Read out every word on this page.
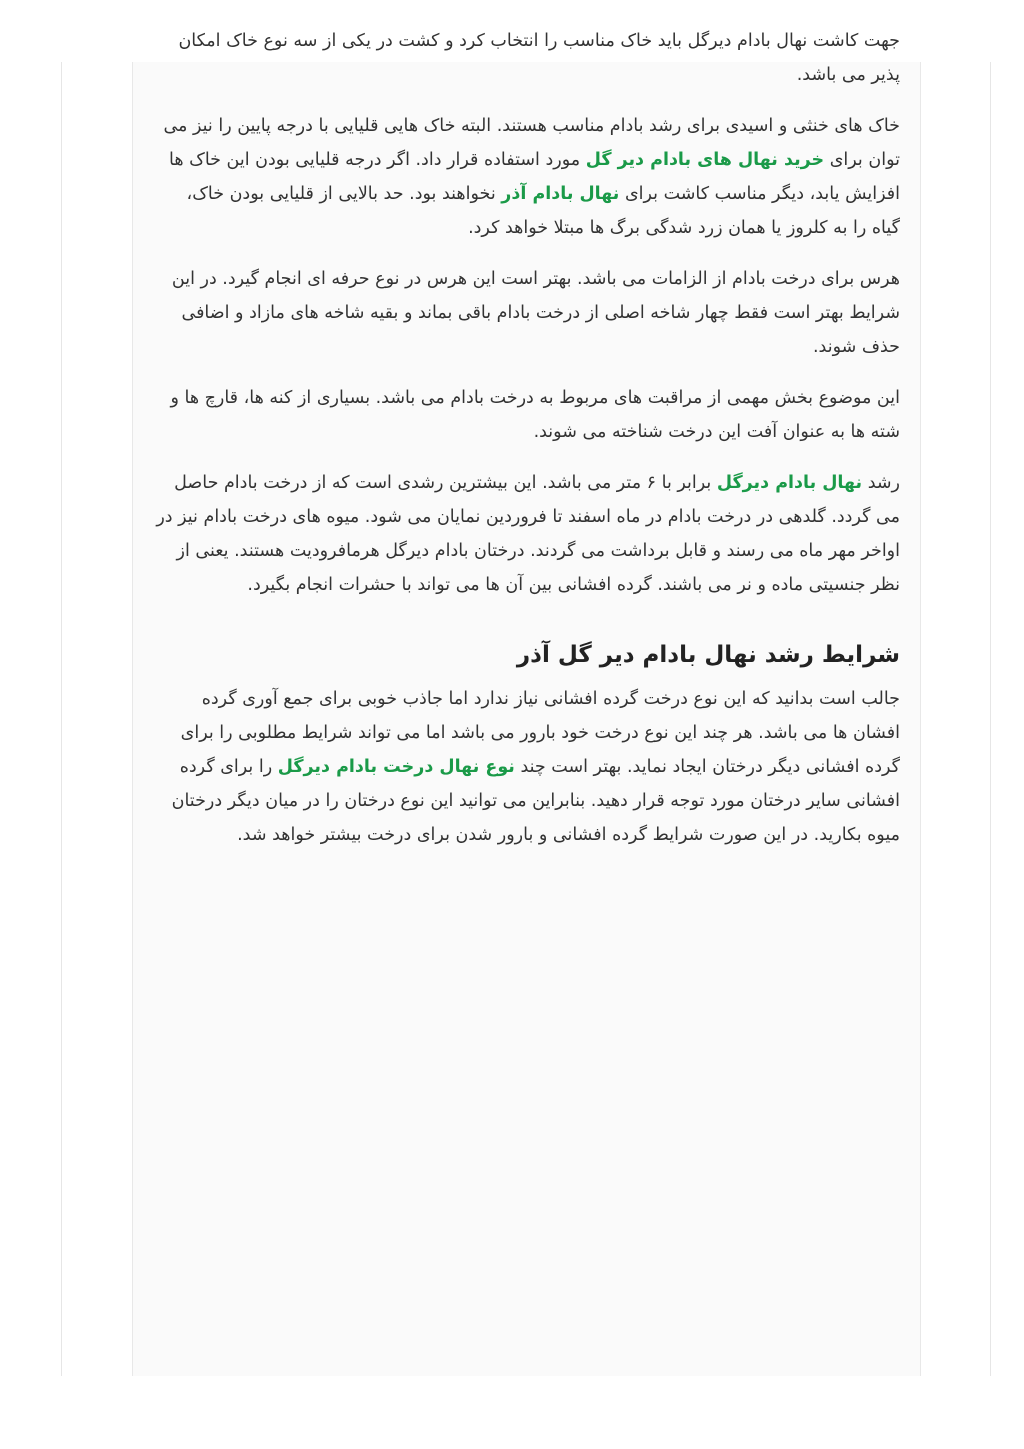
جهت کاشت نهال بادام دیرگل باید خاک مناسب را انتخاب کرد و کشت در یکی از سه نوع خاک امکان پذیر می باشد.

خاک های خنثی و اسیدی برای رشد بادام مناسب هستند. البته خاک هایی قلیایی با درجه پایین را نیز می توان برای خرید نهال های بادام دیر گل مورد استفاده قرار داد. اگر درجه قلیایی بودن این خاک ها افزایش یابد، دیگر مناسب کاشت برای نهال بادام آذر نخواهند بود. حد بالایی از قلیایی بودن خاک، گیاه را به کلروز یا همان زرد شدگی برگ ها مبتلا خواهد کرد.

هرس برای درخت بادام از الزامات می باشد. بهتر است این هرس در نوع حرفه ای انجام گیرد. در این شرایط بهتر است فقط چهار شاخه اصلی از درخت بادام باقی بماند و بقیه شاخه های مازاد و اضافی حذف شوند.

این موضوع بخش مهمی از مراقبت های مربوط به درخت بادام می باشد. بسیاری از کنه ها، قارچ ها و شته ها به عنوان آفت این درخت شناخته می شوند.

رشد نهال بادام دیرگل برابر با ۶ متر می باشد. این بیشترین رشدی است که از درخت بادام حاصل می گردد. گلدهی در درخت بادام در ماه اسفند تا فروردین نمایان می شود. میوه های درخت بادام نیز در اواخر مهر ماه می رسند و قابل برداشت می گردند. درختان بادام دیرگل هرمافرودیت هستند. یعنی از نظر جنسیتی ماده و نر می باشند. گرده افشانی بین آن ها می تواند با حشرات انجام بگیرد.

شرایط رشد نهال بادام دیر گل آذر

جالب است بدانید که این نوع درخت گرده افشانی نیاز ندارد اما جاذب خوبی برای جمع آوری گرده افشان ها می باشد. هر چند این نوع درخت خود بارور می باشد اما می تواند شرایط مطلوبی را برای گرده افشانی دیگر درختان ایجاد نماید. بهتر است چند نوع نهال درخت بادام دیرگل را برای گرده افشانی سایر درختان مورد توجه قرار دهید. بنابراین می توانید این نوع درختان را در میان دیگر درختان میوه بکارید. در این صورت شرایط گرده افشانی و بارور شدن برای درخت بیشتر خواهد شد.
